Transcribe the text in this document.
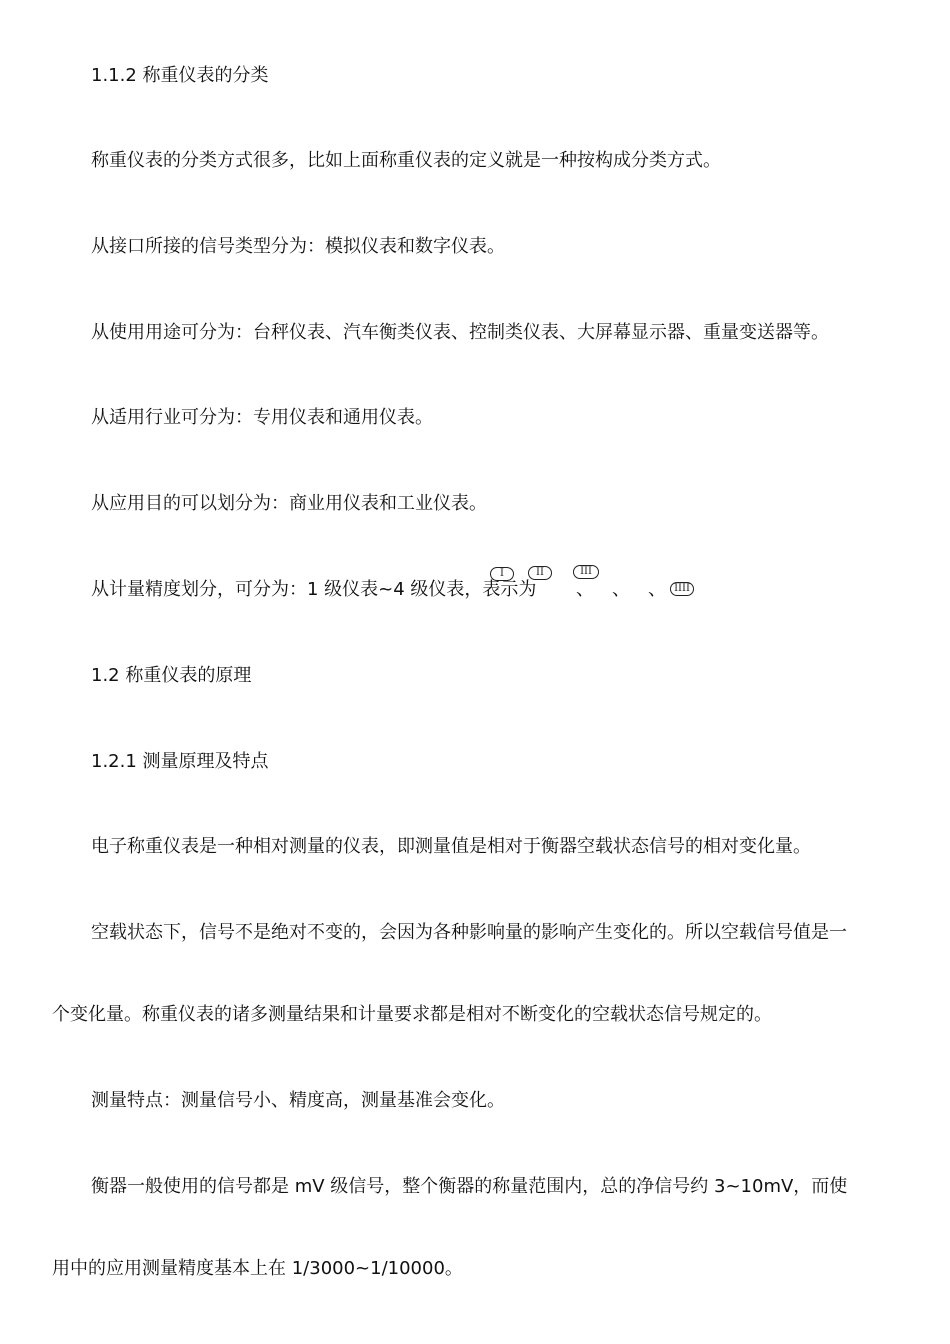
1.1.2 称重仪表的分类

称重仪表的分类方式很多，比如上面称重仪表的定义就是一种按构成分类方式。

从接口所接的信号类型分为：模拟仪表和数字仪表。

从使用用途可分为：台秤仪表、汽车衡类仪表、控制类仪表、大屏幕显示器、重量变送器等。

从适用行业可分为：专用仪表和通用仪表。

从应用目的可以划分为：商业用仪表和工业仪表。

从计量精度划分，可分为：1 级仪表~4 级仪表，表示为

I	II	III
、 、 、 IIII

1.2 称重仪表的原理

1.2.1 测量原理及特点

电子称重仪表是一种相对测量的仪表，即测量值是相对于衡器空载状态信号的相对变化量。

空载状态下，信号不是绝对不变的，会因为各种影响量的影响产生变化的。所以空载信号值是一

个变化量。称重仪表的诸多测量结果和计量要求都是相对不断变化的空载状态信号规定的。

测量特点：测量信号小、精度高，测量基准会变化。

衡器一般使用的信号都是 mV 级信号，整个衡器的称量范围内，总的净信号约 3~10mV，而使

用中的应用测量精度基本上在 1/3000~1/10000。
